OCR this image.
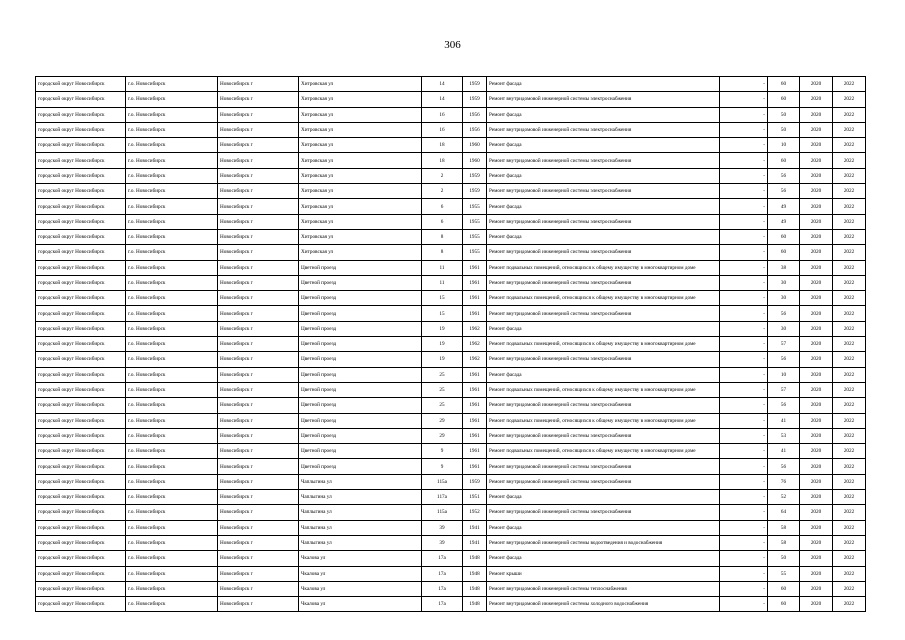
306
городской округ Новосибирск	г.о. Новосибирск	Новосибирск г	Хитровская ул	14	1959	Ремонт фасада	-	60	2020	2022
городской округ Новосибирск	г.о. Новосибирск	Новосибирск г	Хитровская ул	14	1959	Ремонт внутридомовой инженерной системы электроснабжения	-	60	2020	2022
городской округ Новосибирск	г.о. Новосибирск	Новосибирск г	Хитровская ул	16	1956	Ремонт фасада	-	50	2020	2022
городской округ Новосибирск	г.о. Новосибирск	Новосибирск г	Хитровская ул	16	1956	Ремонт внутридомовой инженерной системы электроснабжения	-	50	2020	2022
городской округ Новосибирск	г.о. Новосибирск	Новосибирск г	Хитровская ул	18	1960	Ремонт фасада	-	10	2020	2022
городской округ Новосибирск	г.о. Новосибирск	Новосибирск г	Хитровская ул	18	1960	Ремонт внутридомовой инженерной системы электроснабжения	-	60	2020	2022
городской округ Новосибирск	г.о. Новосибирск	Новосибирск г	Хитровская ул	2	1959	Ремонт фасада	-	56	2020	2022
городской округ Новосибирск	г.о. Новосибирск	Новосибирск г	Хитровская ул	2	1959	Ремонт внутридомовой инженерной системы электроснабжения	-	56	2020	2022
городской округ Новосибирск	г.о. Новосибирск	Новосибирск г	Хитровская ул	6	1955	Ремонт фасада	-	49	2020	2022
городской округ Новосибирск	г.о. Новосибирск	Новосибирск г	Хитровская ул	6	1955	Ремонт внутридомовой инженерной системы электроснабжения	-	49	2020	2022
городской округ Новосибирск	г.о. Новосибирск	Новосибирск г	Хитровская ул	8	1955	Ремонт фасада	-	60	2020	2022
городской округ Новосибирск	г.о. Новосибирск	Новосибирск г	Хитровская ул	8	1955	Ремонт внутридомовой инженерной системы электроснабжения	-	60	2020	2022
городской округ Новосибирск	г.о. Новосибирск	Новосибирск г	Цветной проезд	11	1961	Ремонт подвальных помещений, относящихся к общему имуществу в многоквартирном доме	-	38	2020	2022
городской округ Новосибирск	г.о. Новосибирск	Новосибирск г	Цветной проезд	11	1961	Ремонт внутридомовой инженерной системы электроснабжения	-	30	2020	2022
городской округ Новосибирск	г.о. Новосибирск	Новосибирск г	Цветной проезд	15	1961	Ремонт подвальных помещений, относящихся к общему имуществу в многоквартирном доме	-	30	2020	2022
городской округ Новосибирск	г.о. Новосибирск	Новосибирск г	Цветной проезд	15	1961	Ремонт внутридомовой инженерной системы электроснабжения	-	56	2020	2022
городской округ Новосибирск	г.о. Новосибирск	Новосибирск г	Цветной проезд	19	1962	Ремонт фасада	-	30	2020	2022
городской округ Новосибирск	г.о. Новосибирск	Новосибирск г	Цветной проезд	19	1962	Ремонт подвальных помещений, относящихся к общему имуществу в многоквартирном доме	-	57	2020	2022
городской округ Новосибирск	г.о. Новосибирск	Новосибирск г	Цветной проезд	19	1962	Ремонт внутридомовой инженерной системы электроснабжения	-	56	2020	2022
городской округ Новосибирск	г.о. Новосибирск	Новосибирск г	Цветной проезд	25	1961	Ремонт фасада	-	10	2020	2022
городской округ Новосибирск	г.о. Новосибирск	Новосибирск г	Цветной проезд	25	1961	Ремонт подвальных помещений, относящихся к общему имуществу в многоквартирном доме	-	57	2020	2022
городской округ Новосибирск	г.о. Новосибирск	Новосибирск г	Цветной проезд	25	1961	Ремонт внутридомовой инженерной системы электроснабжения	-	56	2020	2022
городской округ Новосибирск	г.о. Новосибирск	Новосибирск г	Цветной проезд	29	1961	Ремонт подвальных помещений, относящихся к общему имуществу в многоквартирном доме	-	41	2020	2022
городской округ Новосибирск	г.о. Новосибирск	Новосибирск г	Цветной проезд	29	1961	Ремонт внутридомовой инженерной системы электроснабжения	-	53	2020	2022
городской округ Новосибирск	г.о. Новосибирск	Новосибирск г	Цветной проезд	9	1961	Ремонт подвальных помещений, относящихся к общему имуществу в многоквартирном доме	-	41	2020	2022
городской округ Новосибирск	г.о. Новосибирск	Новосибирск г	Цветной проезд	9	1961	Ремонт внутридомовой инженерной системы электроснабжения	-	56	2020	2022
городской округ Новосибирск	г.о. Новосибирск	Новосибирск г	Чаплыгина ул	115а	1959	Ремонт внутридомовой инженерной системы электроснабжения	-	76	2020	2022
городской округ Новосибирск	г.о. Новосибирск	Новосибирск г	Чаплыгина ул	117а	1951	Ремонт фасада	-	52	2020	2022
городской округ Новосибирск	г.о. Новосибирск	Новосибирск г	Чаплыгина ул	115а	1952	Ремонт внутридомовой инженерной системы электроснабжения	-	64	2020	2022
городской округ Новосибирск	г.о. Новосибирск	Новосибирск г	Чаплыгина ул	39	1941	Ремонт фасада	-	58	2020	2022
городской округ Новосибирск	г.о. Новосибирск	Новосибирск г	Чаплыгина ул	39	1941	Ремонт внутридомовой инженерной системы водоотведения и водоснабжения	-	58	2020	2022
городской округ Новосибирск	г.о. Новосибирск	Новосибирск г	Чкалова ул	17а	1948	Ремонт фасада	-	50	2020	2022
городской округ Новосибирск	г.о. Новосибирск	Новосибирск г	Чкалова ул	17а	1948	Ремонт крыши	-	55	2020	2022
городской округ Новосибирск	г.о. Новосибирск	Новосибирск г	Чкалова ул	17а	1948	Ремонт внутридомовой инженерной системы теплоснабжения	-	60	2020	2022
городской округ Новосибирск	г.о. Новосибирск	Новосибирск г	Чкалова ул	17а	1948	Ремонт внутридомовой инженерной системы холодного водоснабжения	-	60	2020	2022
